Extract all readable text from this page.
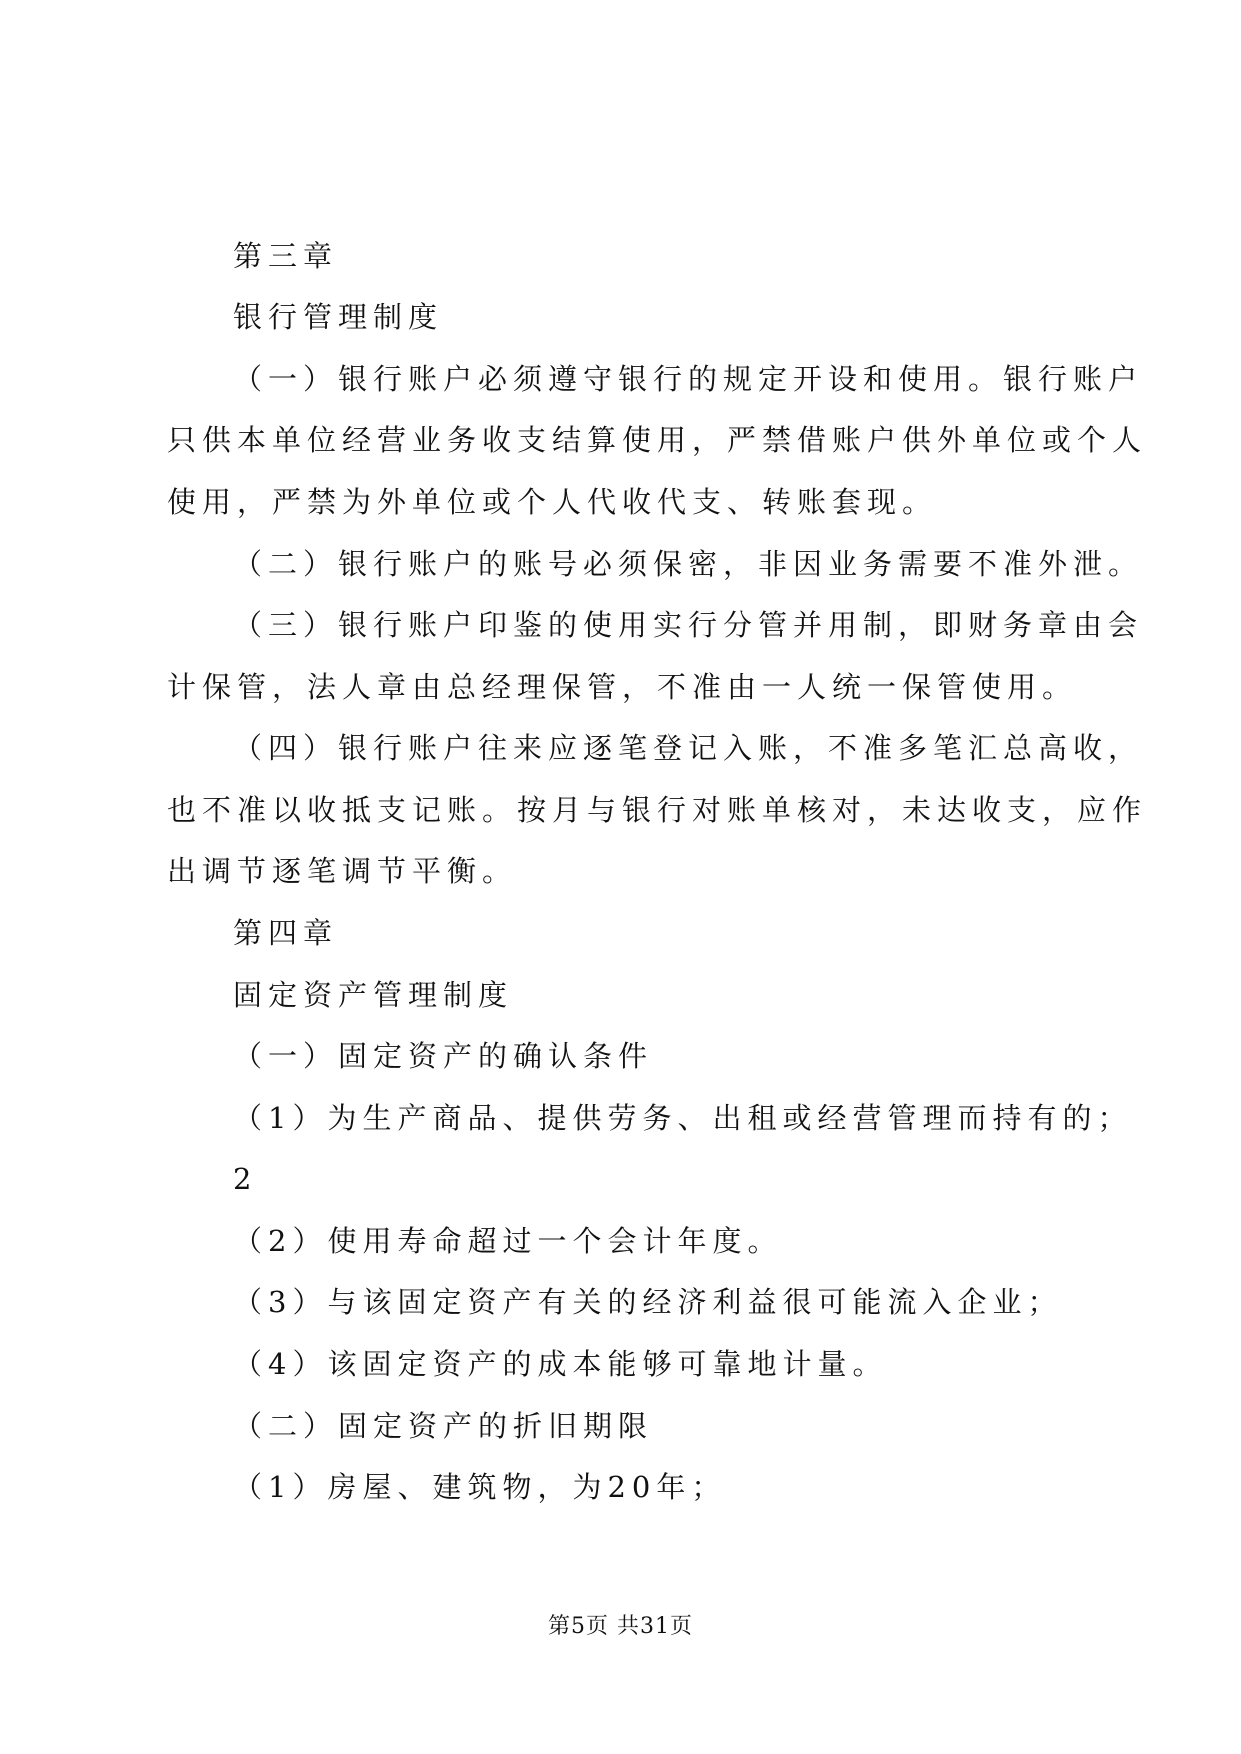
第三章
银行管理制度
（一）银行账户必须遵守银行的规定开设和使用。银行账户
只供本单位经营业务收支结算使用，严禁借账户供外单位或个人
使用，严禁为外单位或个人代收代支、转账套现。
（二）银行账户的账号必须保密，非因业务需要不准外泄。
（三）银行账户印鉴的使用实行分管并用制，即财务章由会
计保管，法人章由总经理保管，不准由一人统一保管使用。
（四）银行账户往来应逐笔登记入账，不准多笔汇总高收，
也不准以收抵支记账。按月与银行对账单核对，未达收支，应作
出调节逐笔调节平衡。
第四章
固定资产管理制度
（一）固定资产的确认条件
（1）为生产商品、提供劳务、出租或经营管理而持有的；
2
（2）使用寿命超过一个会计年度。
（3）与该固定资产有关的经济利益很可能流入企业；
（4）该固定资产的成本能够可靠地计量。
（二）固定资产的折旧期限
（1）房屋、建筑物，为20年；
第5页 共31页
